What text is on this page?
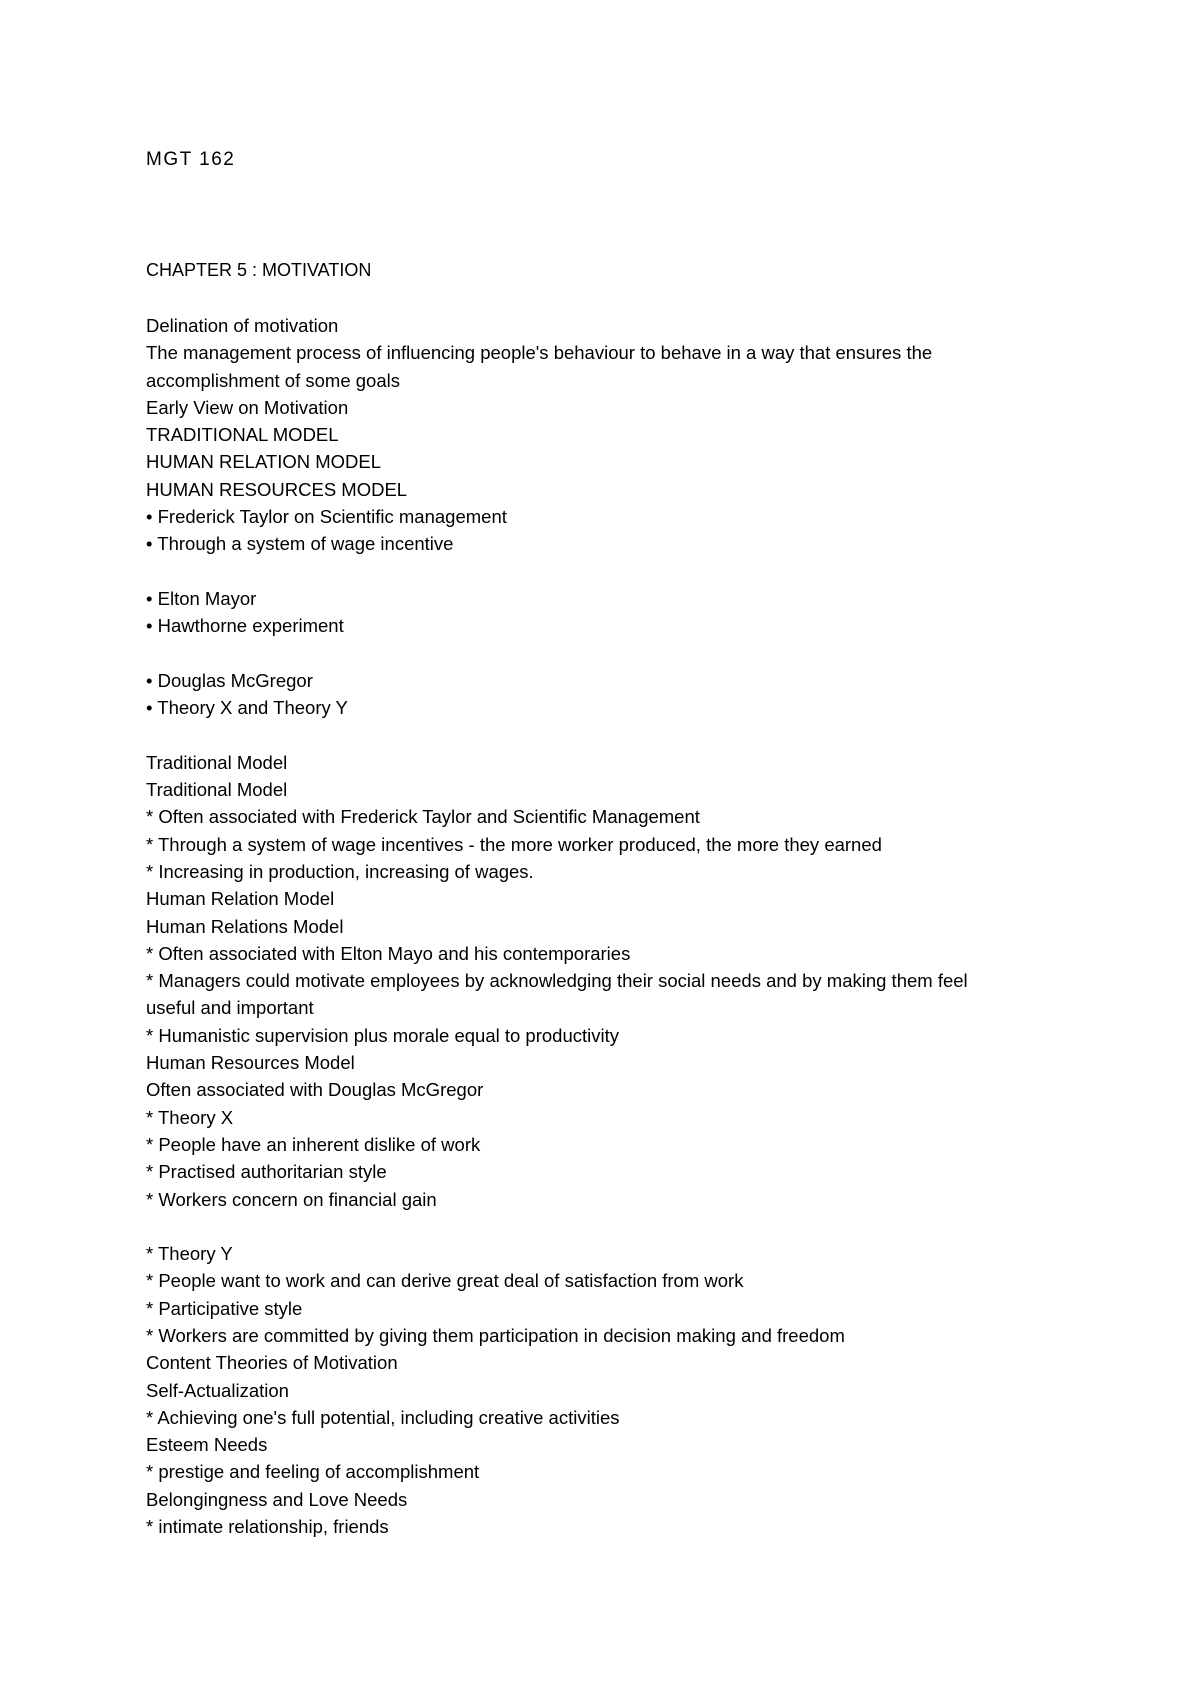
MGT 162
CHAPTER 5 : MOTIVATION
Delination of motivation
The management process of influencing people's behaviour to behave in a way that ensures the
accomplishment of some goals
Early View on Motivation
TRADITIONAL MODEL
HUMAN RELATION MODEL
HUMAN RESOURCES MODEL
• Frederick Taylor on Scientific management
• Through a system of wage incentive
• Elton Mayor
• Hawthorne experiment
• Douglas McGregor
• Theory X and Theory Y
Traditional Model
Traditional Model
* Often associated with Frederick Taylor and Scientific Management
* Through a system of wage incentives - the more worker produced, the more they earned
* Increasing in production, increasing of wages.
Human Relation Model
Human Relations Model
* Often associated with Elton Mayo and his contemporaries
* Managers could motivate employees by acknowledging their social needs and by making them feel
useful and important
* Humanistic supervision plus morale equal to productivity
Human Resources Model
Often associated with Douglas McGregor
* Theory X
* People have an inherent dislike of work
* Practised authoritarian style
* Workers concern on financial gain
* Theory Y
* People want to work and can derive great deal of satisfaction from work
* Participative style
* Workers are committed by giving them participation in decision making and freedom
Content Theories of Motivation
Self-Actualization
* Achieving one's full potential, including creative activities
Esteem Needs
* prestige and feeling of accomplishment
Belongingness and Love Needs
* intimate relationship, friends
